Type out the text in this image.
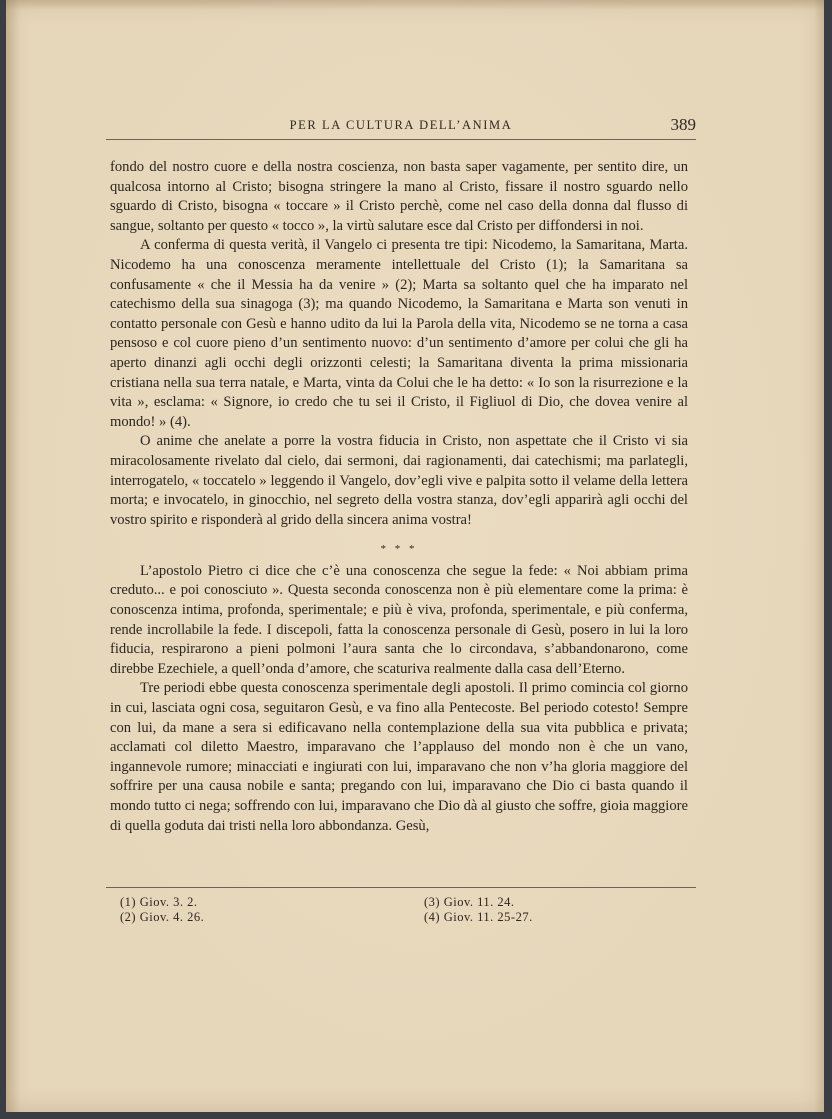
PER LA CULTURA DELL’ANIMA	389

fondo del nostro cuore e della nostra coscienza, non basta saper vagamente, per sentito dire, un qualcosa intorno al Cristo; bisogna stringere la mano al Cristo, fissare il nostro sguardo nello sguardo di Cristo, bisogna « toccare » il Cristo perchè, come nel caso della donna dal flusso di sangue, soltanto per questo « tocco », la virtù salutare esce dal Cristo per diffondersi in noi.

A conferma di questa verità, il Vangelo ci presenta tre tipi: Nicodemo, la Samaritana, Marta. Nicodemo ha una conoscenza meramente intellettuale del Cristo (1); la Samaritana sa confusamente « che il Messia ha da venire » (2); Marta sa soltanto quel che ha imparato nel catechismo della sua sinagoga (3); ma quando Nicodemo, la Samaritana e Marta son venuti in contatto personale con Gesù e hanno udito da lui la Parola della vita, Nicodemo se ne torna a casa pensoso e col cuore pieno d’un sentimento nuovo: d’un sentimento d’amore per colui che gli ha aperto dinanzi agli occhi degli orizzonti celesti; la Samaritana diventa la prima missionaria cristiana nella sua terra natale, e Marta, vinta da Colui che le ha detto: « Io son la risurrezione e la vita », esclama: « Signore, io credo che tu sei il Cristo, il Figliuol di Dio, che dovea venire al mondo! » (4).

O anime che anelate a porre la vostra fiducia in Cristo, non aspettate che il Cristo vi sia miracolosamente rivelato dal cielo, dai sermoni, dai ragionamenti, dai catechismi; ma parlategli, interrogatelo, « toccatelo » leggendo il Vangelo, dov’egli vive e palpita sotto il velame della lettera morta; e invocatelo, in ginocchio, nel segreto della vostra stanza, dov’egli apparirà agli occhi del vostro spirito e risponderà al grido della sincera anima vostra!

* * *

L’apostolo Pietro ci dice che c’è una conoscenza che segue la fede: « Noi abbiam prima creduto... e poi conosciuto ». Questa seconda conoscenza non è più elementare come la prima: è conoscenza intima, profonda, sperimentale; e più è viva, profonda, sperimentale, e più conferma, rende incrollabile la fede. I discepoli, fatta la conoscenza personale di Gesù, posero in lui la loro fiducia, respirarono a pieni polmoni l’aura santa che lo circondava, s’abbandonarono, come direbbe Ezechiele, a quell’onda d’amore, che scaturiva realmente dalla casa dell’Eterno.

Tre periodi ebbe questa conoscenza sperimentale degli apostoli. Il primo comincia col giorno in cui, lasciata ogni cosa, seguitaron Gesù, e va fino alla Pentecoste. Bel periodo cotesto! Sempre con lui, da mane a sera si edificavano nella contemplazione della sua vita pubblica e privata; acclamati col diletto Maestro, imparavano che l’applauso del mondo non è che un vano, ingannevole rumore; minacciati e ingiurati con lui, imparavano che non v’ha gloria maggiore del soffrire per una causa nobile e santa; pregando con lui, imparavano che Dio ci basta quando il mondo tutto ci nega; soffrendo con lui, imparavano che Dio dà al giusto che soffre, gioia maggiore di quella goduta dai tristi nella loro abbondanza. Gesù,

(1) Giov. 3. 2.
(2) Giov. 4. 26.
(3) Giov. 11. 24.
(4) Giov. 11. 25-27.
